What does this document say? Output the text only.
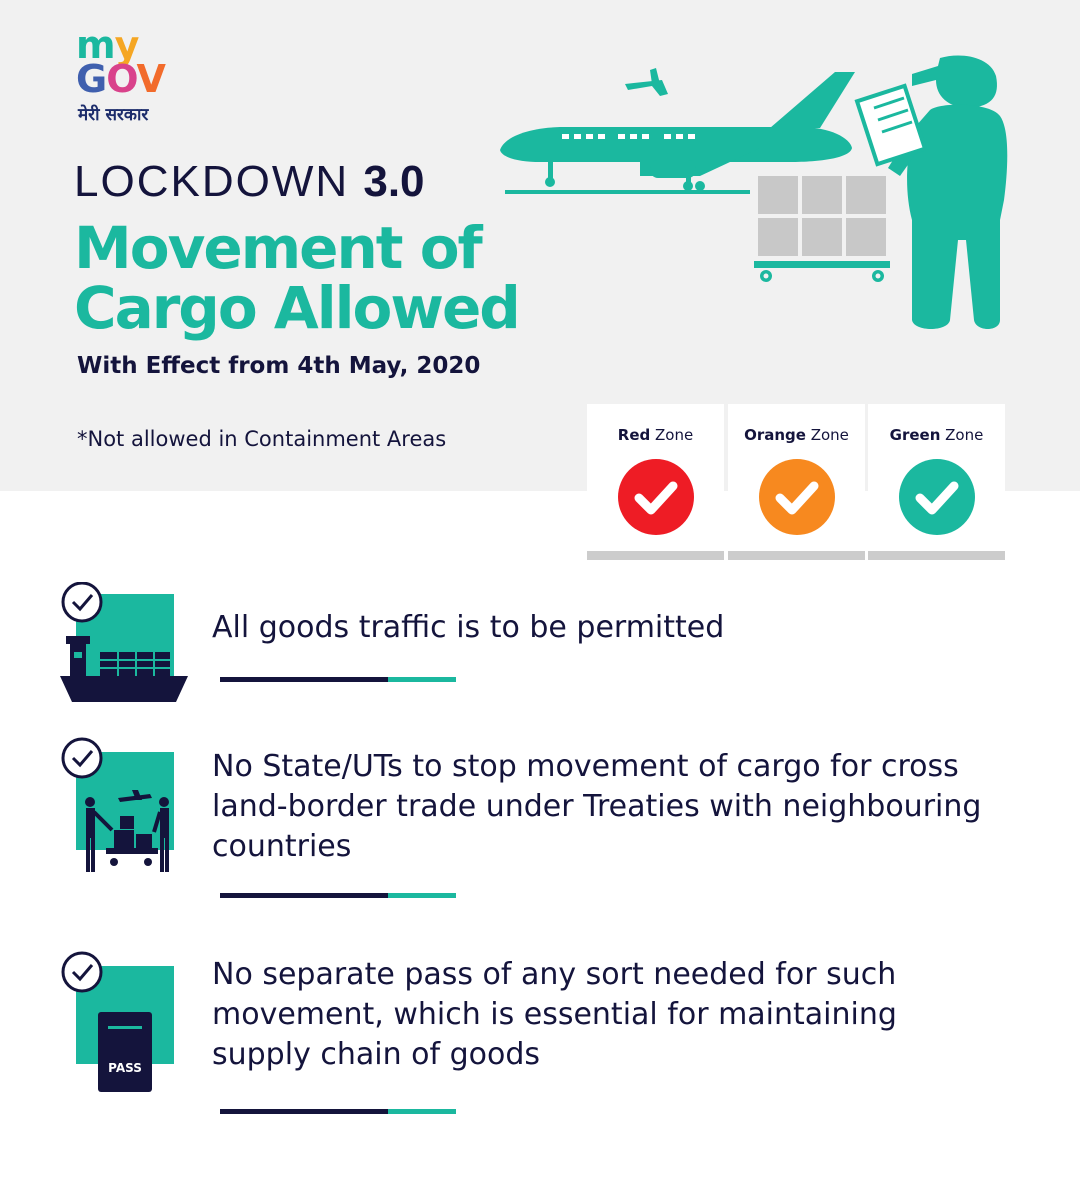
my
GOV
मेरी सरकार
LOCKDOWN 3.0
Movement of
Cargo Allowed
With Effect from 4th May, 2020
*Not allowed in Containment Areas	Red Zone	Orange Zone	Green Zone
All goods traffic is to be permitted
No State/UTs to stop movement of cargo for cross land-border trade under Treaties with neighbouring countries
PASS
No separate pass of any sort needed for such movement, which is essential for maintaining supply chain of goods
